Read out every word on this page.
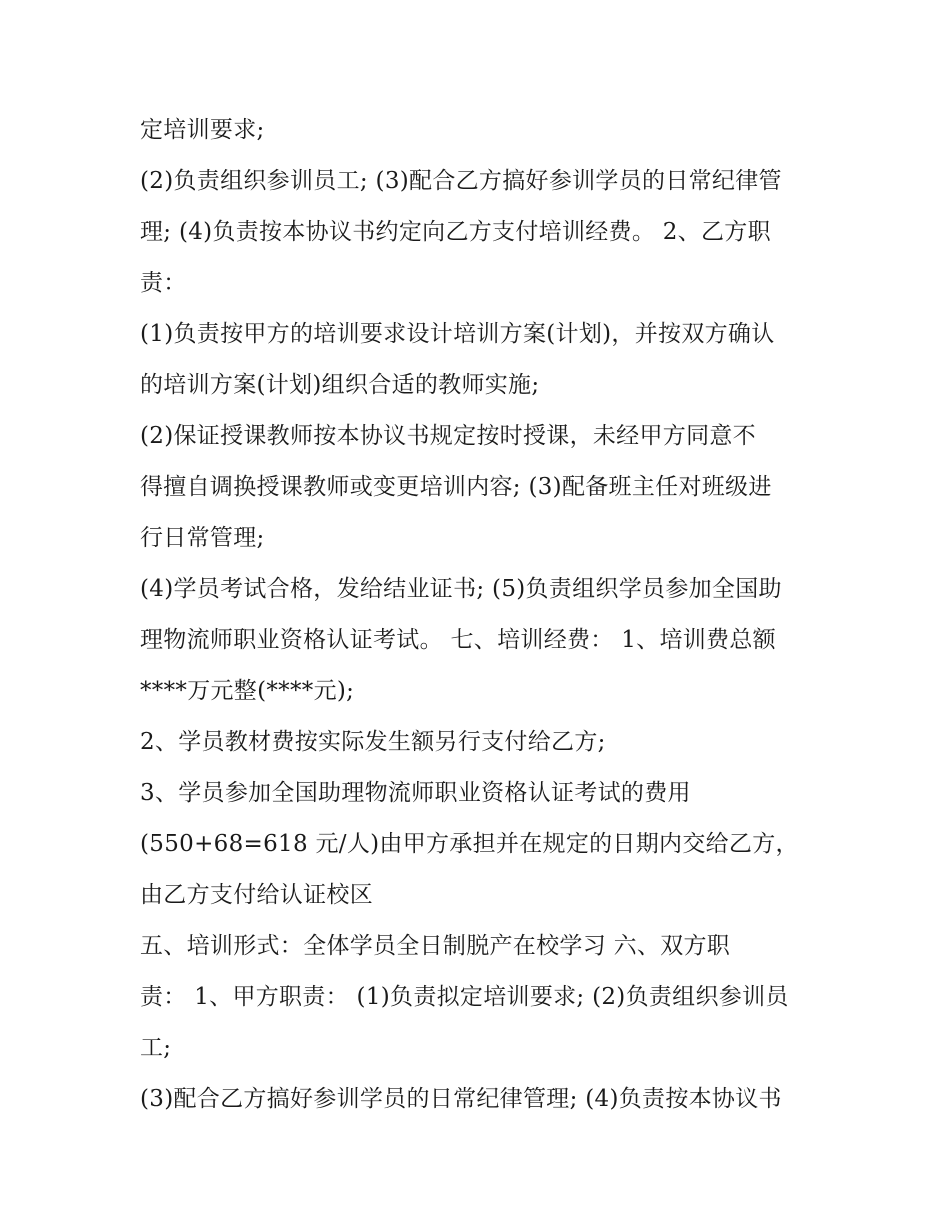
定培训要求;
(2)负责组织参训员工; (3)配合乙方搞好参训学员的日常纪律管
理; (4)负责按本协议书约定向乙方支付培训经费。 2、乙方职
责：
(1)负责按甲方的培训要求设计培训方案(计划)，并按双方确认
的培训方案(计划)组织合适的教师实施;
(2)保证授课教师按本协议书规定按时授课，未经甲方同意不
得擅自调换授课教师或变更培训内容; (3)配备班主任对班级进
行日常管理;
(4)学员考试合格，发给结业证书; (5)负责组织学员参加全国助
理物流师职业资格认证考试。 七、培训经费： 1、培训费总额
****万元整(****元);
2、学员教材费按实际发生额另行支付给乙方;
3、学员参加全国助理物流师职业资格认证考试的费用
(550+68=618 元/人)由甲方承担并在规定的日期内交给乙方，
由乙方支付给认证校区
五、培训形式：全体学员全日制脱产在校学习 六、双方职
责： 1、甲方职责： (1)负责拟定培训要求; (2)负责组织参训员
工;
(3)配合乙方搞好参训学员的日常纪律管理; (4)负责按本协议书
